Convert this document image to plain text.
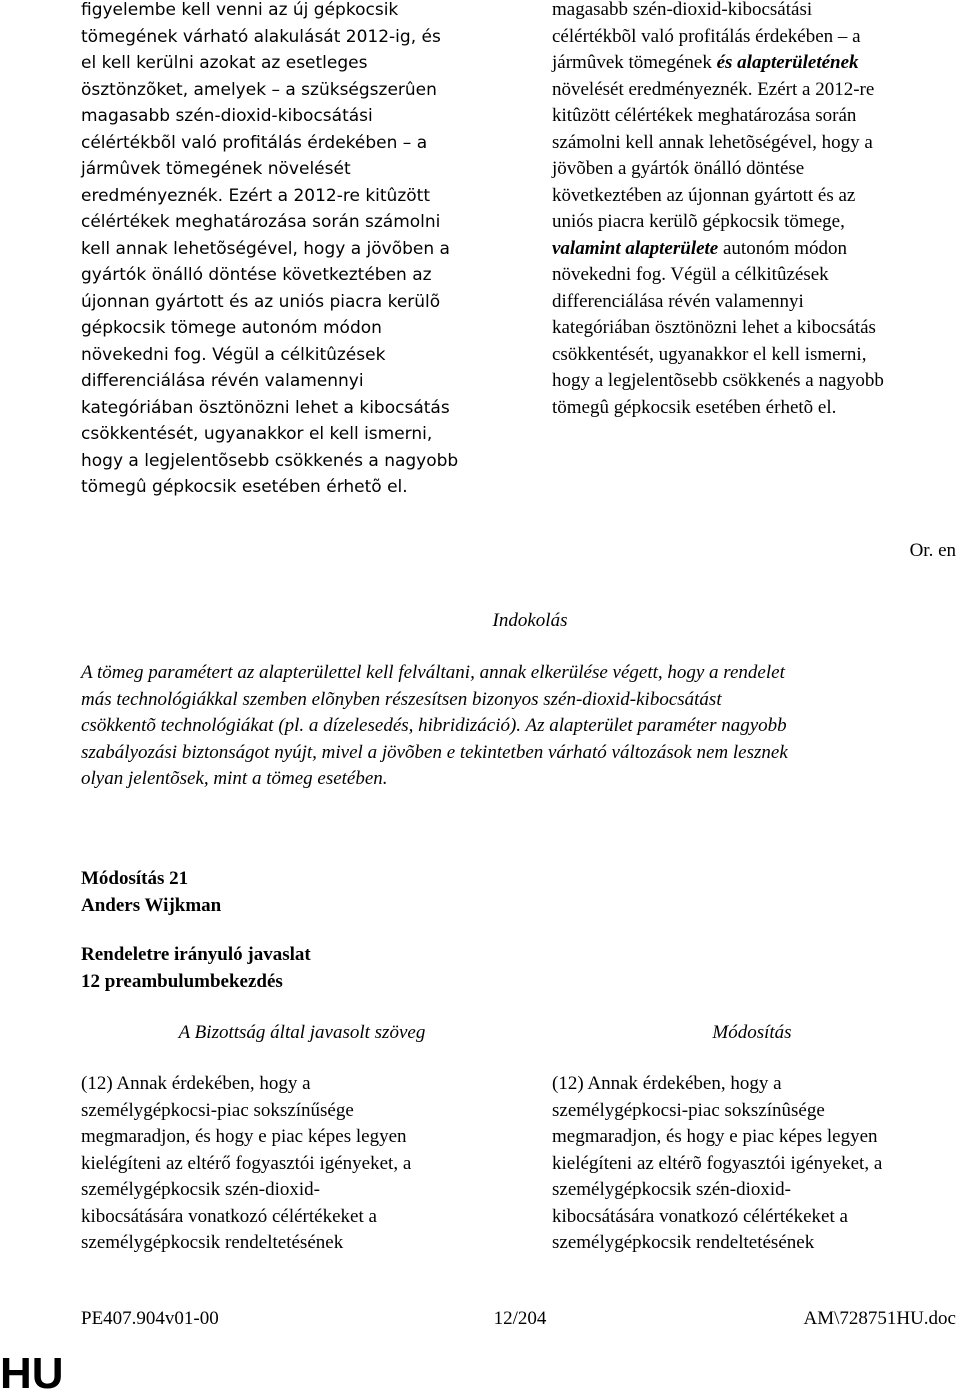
figyelembe kell venni az új gépkocsik
tömegének várható alakulását 2012-ig, és
el kell kerülni azokat az esetleges
ösztönzõket, amelyek – a szükségszerûen
magasabb szén-dioxid-kibocsátási
célértékbõl való profitálás érdekében – a
jármûvek tömegének növelését
eredményeznék. Ezért a 2012-re kitûzött
célértékek meghatározása során számolni
kell annak lehetõségével, hogy a jövõben a
gyártók önálló döntése következtében az
újonnan gyártott és az uniós piacra kerülõ
gépkocsik tömege autonóm módon
növekedni fog. Végül a célkitûzések
differenciálása révén valamennyi
kategóriában ösztönözni lehet a kibocsátás
csökkentését, ugyanakkor el kell ismerni,
hogy a legjelentõsebb csökkenés a nagyobb
tömegû gépkocsik esetében érhetõ el.
magasabb szén-dioxid-kibocsátási
célértékbõl való profitálás érdekében – a
jármûvek tömegének és alapterületének
növelését eredményeznék. Ezért a 2012-re
kitûzött célértékek meghatározása során
számolni kell annak lehetõségével, hogy a
jövõben a gyártók önálló döntése
következtében az újonnan gyártott és az
uniós piacra kerülõ gépkocsik tömege,
valamint alapterülete autonóm módon
növekedni fog. Végül a célkitûzések
differenciálása révén valamennyi
kategóriában ösztönözni lehet a kibocsátás
csökkentését, ugyanakkor el kell ismerni,
hogy a legjelentõsebb csökkenés a nagyobb
tömegû gépkocsik esetében érhetõ el.
Or. en
Indokolás
A tömeg paramétert az alapterülettel kell felváltani, annak elkerülése végett, hogy a rendelet
más technológiákkal szemben elõnyben részesítsen bizonyos szén-dioxid-kibocsátást
csökkentõ technológiákat (pl. a dízelesedés, hibridizáció). Az alapterület paraméter nagyobb
szabályozási biztonságot nyújt, mivel a jövõben e tekintetben várható változások nem lesznek
olyan jelentõsek, mint a tömeg esetében.
Módosítás 21
Anders Wijkman
Rendeletre irányuló javaslat
12 preambulumbekezdés
A Bizottság által javasolt szöveg	Módosítás
(12) Annak érdekében, hogy a
személygépkocsi-piac sokszínűsége
megmaradjon, és hogy e piac képes legyen
kielégíteni az eltérő fogyasztói igényeket, a
személygépkocsik szén-dioxid-
kibocsátására vonatkozó célértékeket a
személygépkocsik rendeltetésének
(12) Annak érdekében, hogy a
személygépkocsi-piac sokszínûsége
megmaradjon, és hogy e piac képes legyen
kielégíteni az eltérõ fogyasztói igényeket, a
személygépkocsik szén-dioxid-
kibocsátására vonatkozó célértékeket a
személygépkocsik rendeltetésének
PE407.904v01-00	12/204	AM\728751HU.doc
HU
